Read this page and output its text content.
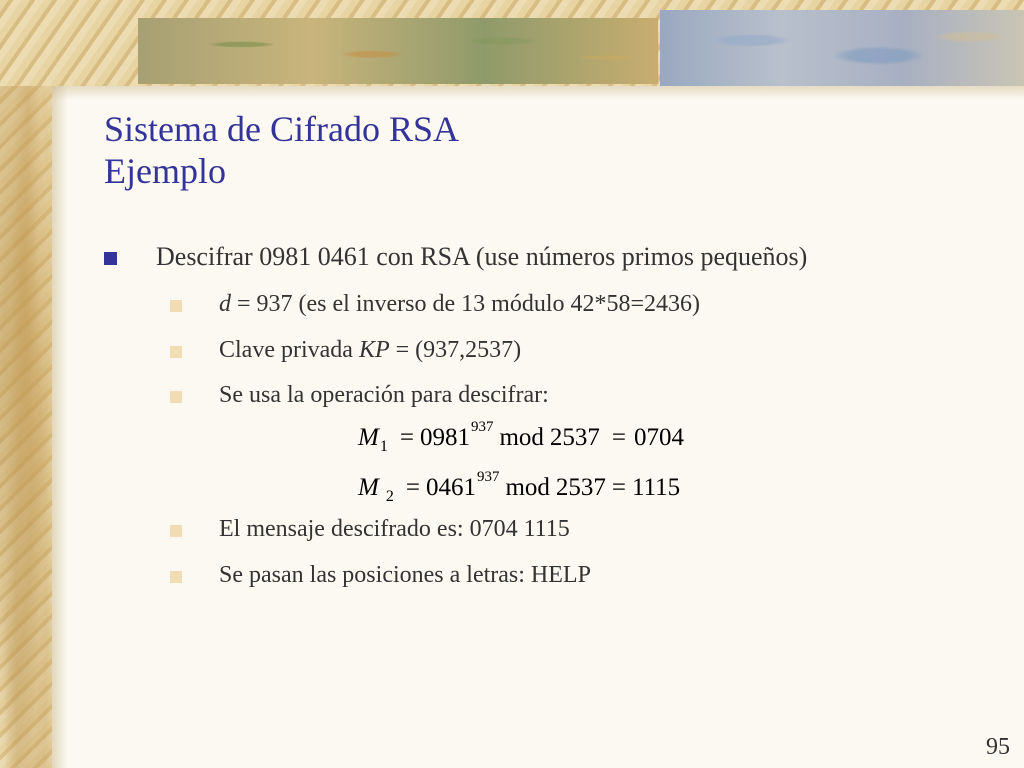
Sistema de Cifrado RSA
Ejemplo
Descifrar 0981 0461 con RSA (use números primos pequeños)
d = 937 (es el inverso de 13 módulo 42*58=2436)
Clave privada KP = (937,2537)
Se usa la operación para descifrar:
$M_1 = 0981^{937}$ mod 2537 = 0704
M $_2 = 0461^{937}$ mod 2537 = 1115
El mensaje descifrado es: 0704 1115
Se pasan las posiciones a letras: HELP
95
